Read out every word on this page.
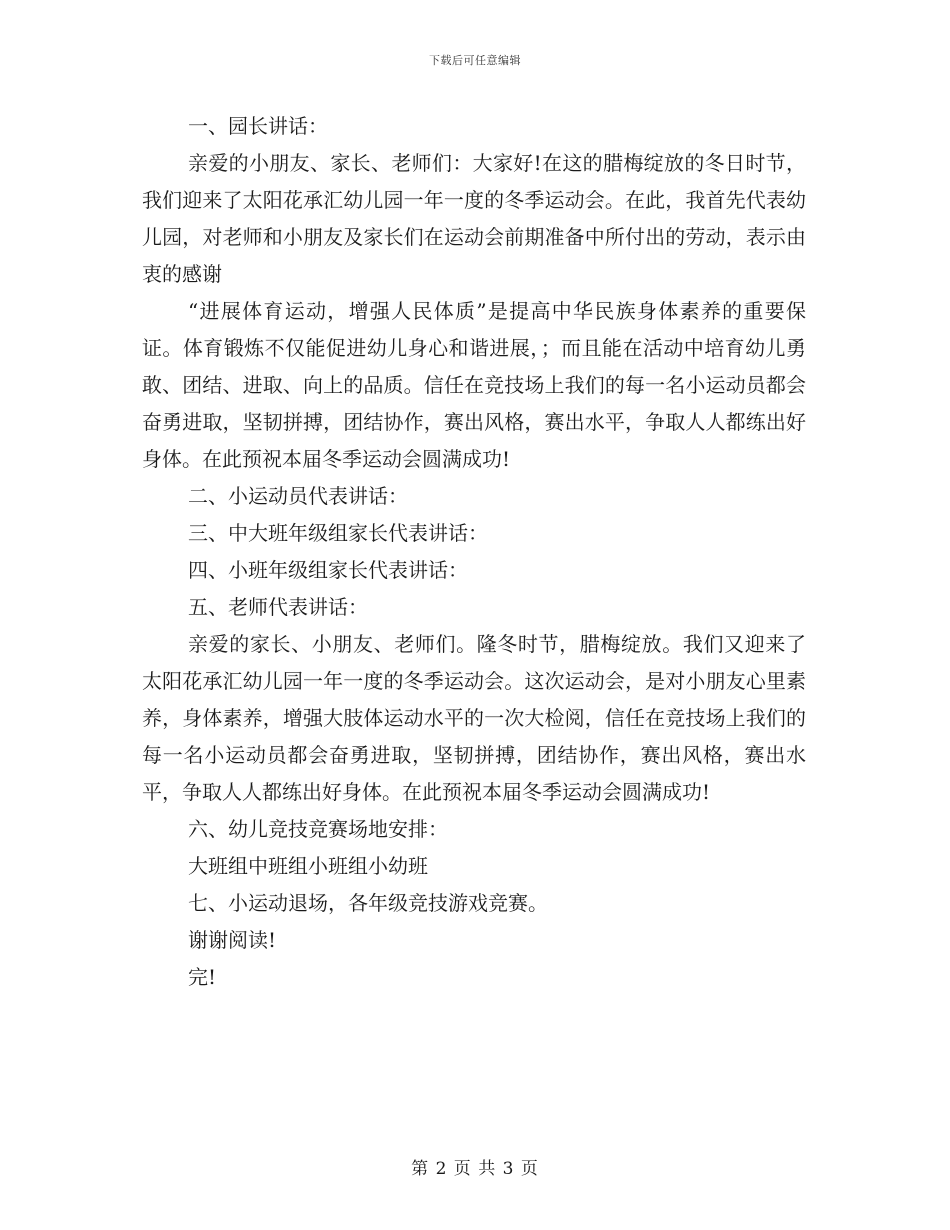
下载后可任意编辑

一、园长讲话：

亲爱的小朋友、家长、老师们：大家好!在这的腊梅绽放的冬日时节，我们迎来了太阳花承汇幼儿园一年一度的冬季运动会。在此，我首先代表幼儿园，对老师和小朋友及家长们在运动会前期准备中所付出的劳动，表示由衷的感谢

“进展体育运动，增强人民体质”是提高中华民族身体素养的重要保证。体育锻炼不仅能促进幼儿身心和谐进展，；而且能在活动中培育幼儿勇敢、团结、进取、向上的品质。信任在竞技场上我们的每一名小运动员都会奋勇进取，坚韧拼搏，团结协作，赛出风格，赛出水平，争取人人都练出好身体。在此预祝本届冬季运动会圆满成功!

二、小运动员代表讲话：

三、中大班年级组家长代表讲话：

四、小班年级组家长代表讲话：

五、老师代表讲话：

亲爱的家长、小朋友、老师们。隆冬时节，腊梅绽放。我们又迎来了太阳花承汇幼儿园一年一度的冬季运动会。这次运动会，是对小朋友心里素养，身体素养，增强大肢体运动水平的一次大检阅，信任在竞技场上我们的每一名小运动员都会奋勇进取，坚韧拼搏，团结协作，赛出风格，赛出水平，争取人人都练出好身体。在此预祝本届冬季运动会圆满成功!

六、幼儿竞技竞赛场地安排：

大班组中班组小班组小幼班

七、小运动退场，各年级竞技游戏竞赛。

谢谢阅读!

完!

第 2 页 共 3 页
